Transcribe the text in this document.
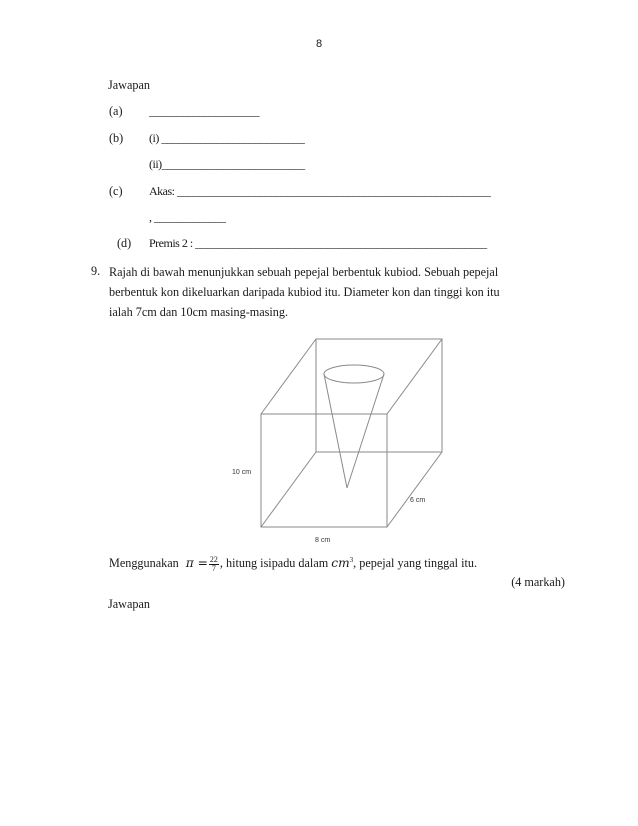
8
Jawapan
(a) ____________________
(b) (i) __________________________
(ii)__________________________
(c) Akas: _________________________________________________________
, _____________
(d) Premis 2 : _____________________________________________________
9. Rajah di bawah menunjukkan sebuah pepejal berbentuk kubiod. Sebuah pepejal berbentuk kon dikeluarkan daripada kubiod itu. Diameter kon dan tinggi kon itu ialah 7cm dan 10cm masing-masing.
10 cm
6 cm
8 cm
Menggunakan $\pi = \frac{22}{7}$ , hitung isipadu dalam $cm^3$, pepejal yang tinggal itu.
(4 markah)
Jawapan
